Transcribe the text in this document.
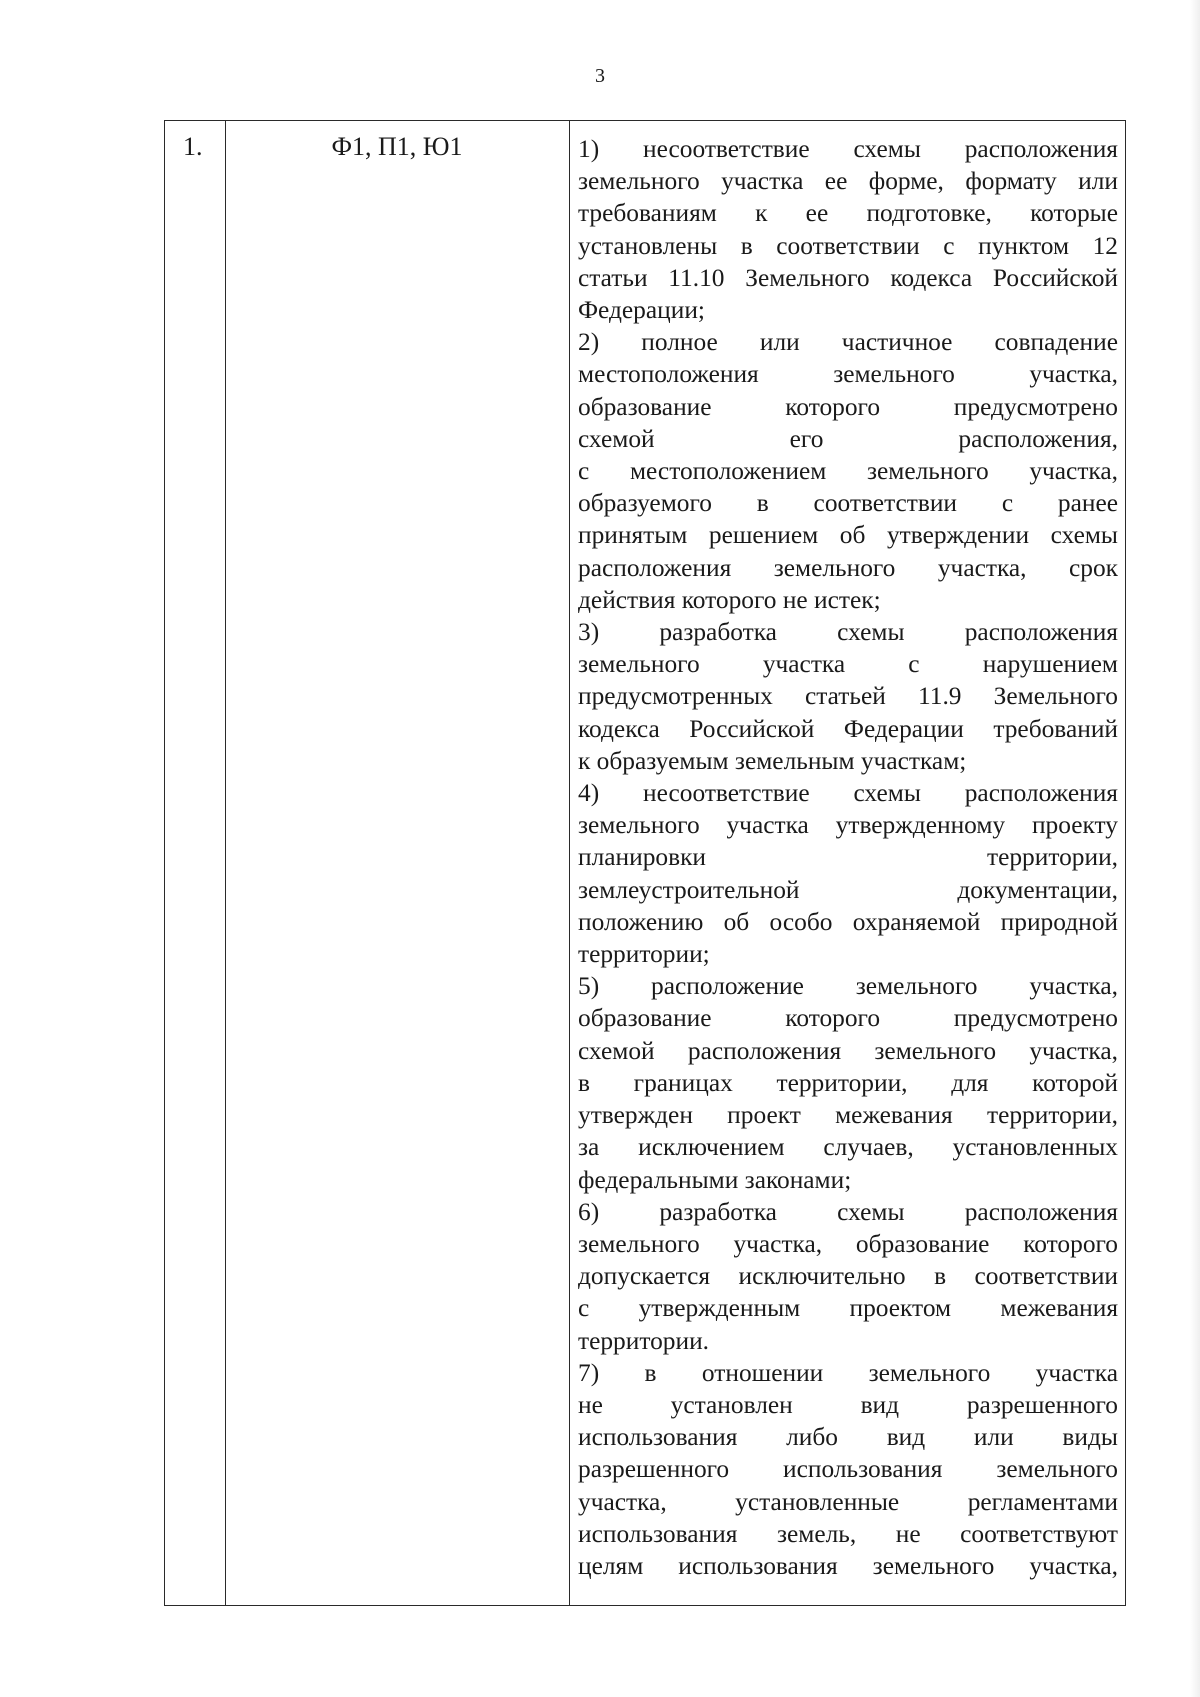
3
1.	Ф1, П1, Ю1	1) несоответствие схемы расположения
земельного участка ее форме, формату или
требованиям к ее подготовке, которые
установлены в соответствии с пунктом 12
статьи 11.10 Земельного кодекса Российской
Федерации;
2) полное или частичное совпадение
местоположения земельного участка,
образование которого предусмотрено
схемой его расположения,
с местоположением земельного участка,
образуемого в соответствии с ранее
принятым решением об утверждении схемы
расположения земельного участка, срок
действия которого не истек;
3) разработка схемы расположения
земельного участка с нарушением
предусмотренных статьей 11.9 Земельного
кодекса Российской Федерации требований
к образуемым земельным участкам;
4) несоответствие схемы расположения
земельного участка утвержденному проекту
планировки территории,
землеустроительной документации,
положению об особо охраняемой природной
территории;
5) расположение земельного участка,
образование которого предусмотрено
схемой расположения земельного участка,
в границах территории, для которой
утвержден проект межевания территории,
за исключением случаев, установленных
федеральными законами;
6) разработка схемы расположения
земельного участка, образование которого
допускается исключительно в соответствии
с утвержденным проектом межевания
территории.
7) в отношении земельного участка
не установлен вид разрешенного
использования либо вид или виды
разрешенного использования земельного
участка, установленные регламентами
использования земель, не соответствуют
целям использования земельного участка,
